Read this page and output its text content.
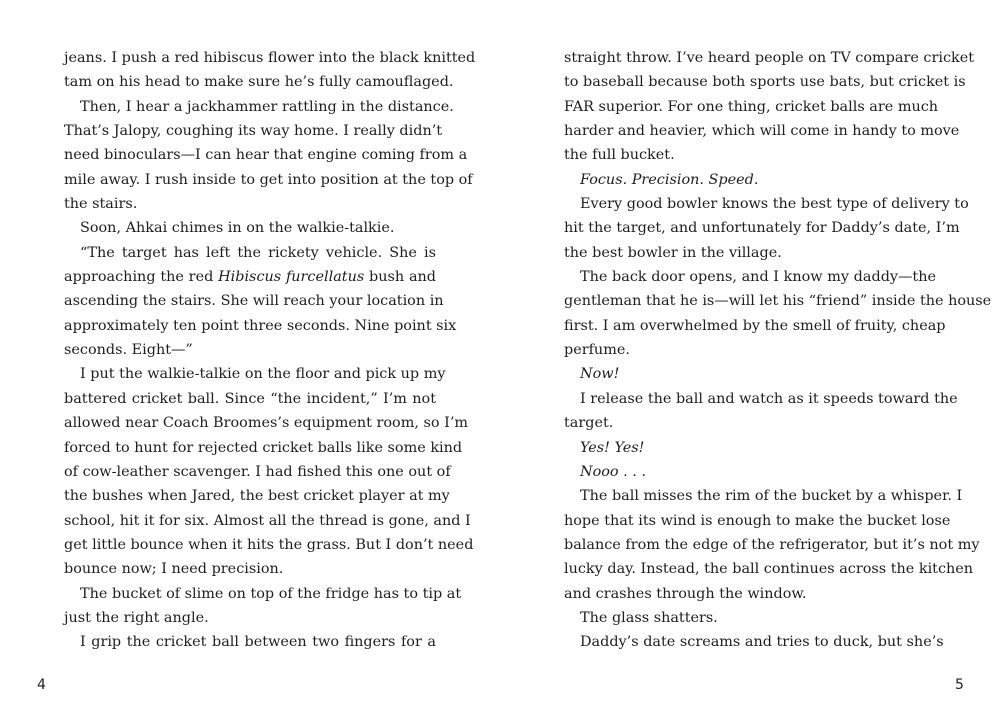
jeans. I push a red hibiscus flower into the black knitted
tam on his head to make sure he’s fully camouflaged.
Then, I hear a jackhammer rattling in the distance.
That’s Jalopy, coughing its way home. I really didn’t
need binoculars—I can hear that engine coming from a
mile away. I rush inside to get into position at the top of
the stairs.
Soon, Ahkai chimes in on the walkie-talkie.
“The target has left the rickety vehicle. She is
approaching the red Hibiscus furcellatus bush and
ascending the stairs. She will reach your location in
approximately ten point three seconds. Nine point six
seconds. Eight—”
I put the walkie-talkie on the floor and pick up my
battered cricket ball. Since “the incident,” I’m not
allowed near Coach Broomes’s equipment room, so I’m
forced to hunt for rejected cricket balls like some kind
of cow-leather scavenger. I had fished this one out of
the bushes when Jared, the best cricket player at my
school, hit it for six. Almost all the thread is gone, and I
get little bounce when it hits the grass. But I don’t need
bounce now; I need precision.
The bucket of slime on top of the fridge has to tip at
just the right angle.
I grip the cricket ball between two fingers for a
straight throw. I’ve heard people on TV compare cricket
to baseball because both sports use bats, but cricket is
FAR superior. For one thing, cricket balls are much
harder and heavier, which will come in handy to move
the full bucket.
Focus. Precision. Speed.
Every good bowler knows the best type of delivery to
hit the target, and unfortunately for Daddy’s date, I’m
the best bowler in the village.
The back door opens, and I know my daddy—the
gentleman that he is—will let his “friend” inside the house
first. I am overwhelmed by the smell of fruity, cheap
perfume.
Now!
I release the ball and watch as it speeds toward the
target.
Yes! Yes!
Nooo . . .
The ball misses the rim of the bucket by a whisper. I
hope that its wind is enough to make the bucket lose
balance from the edge of the refrigerator, but it’s not my
lucky day. Instead, the ball continues across the kitchen
and crashes through the window.
The glass shatters.
Daddy’s date screams and tries to duck, but she’s
4	5
